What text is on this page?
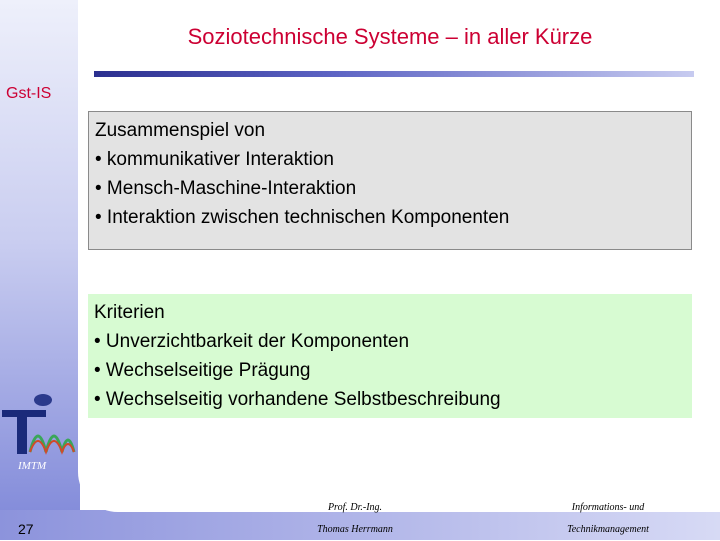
Soziotechnische Systeme – in aller Kürze
Gst-IS
Zusammenspiel von
• kommunikativer Interaktion
• Mensch-Maschine-Interaktion
• Interaktion zwischen technischen Komponenten
Kriterien
• Unverzichtbarkeit der Komponenten
• Wechselseitige Prägung
• Wechselseitig vorhandene Selbstbeschreibung
IMTM
27
Prof. Dr.-Ing.
Thomas Herrmann
Informations- und
Technikmanagement
